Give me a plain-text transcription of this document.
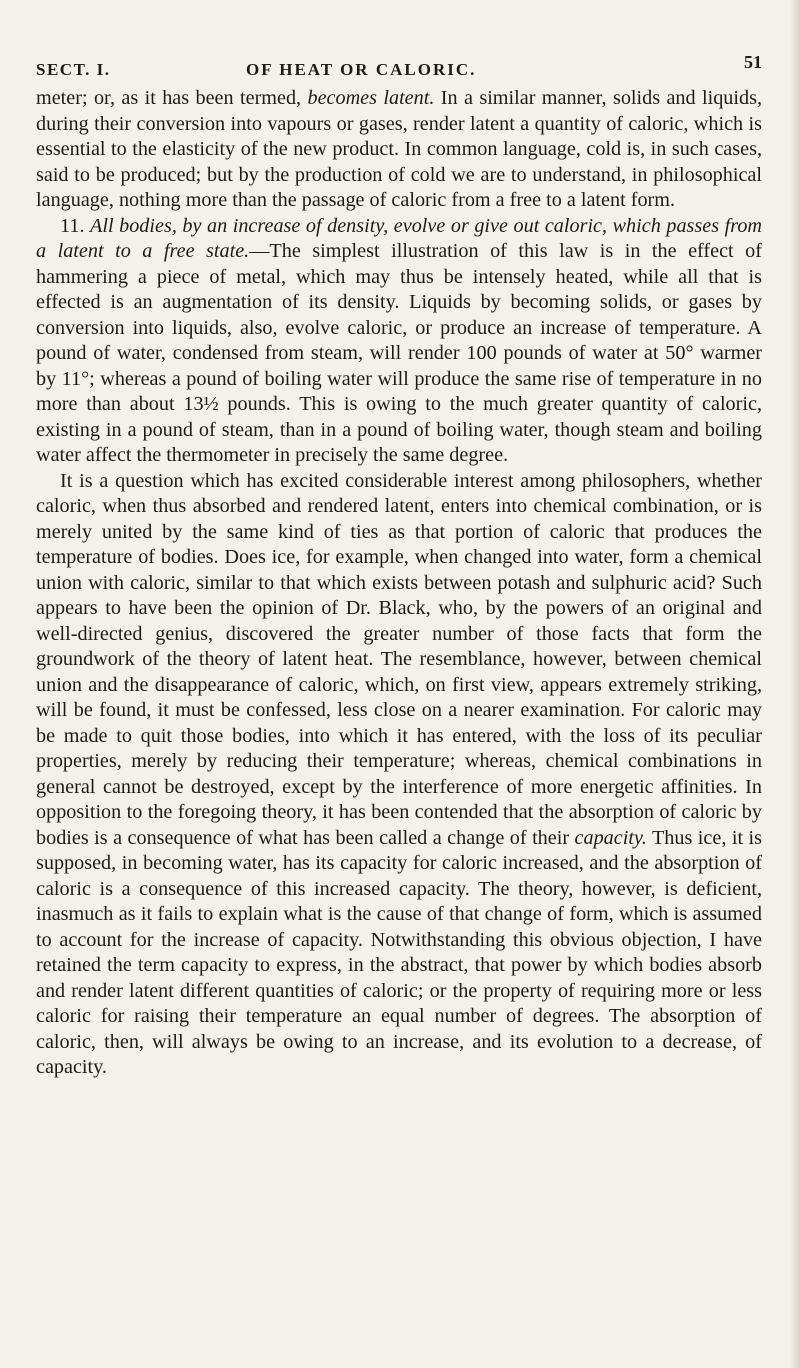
SECT. I.	OF HEAT OR CALORIC.	51

meter; or, as it has been termed, becomes latent. In a similar manner, solids and liquids, during their conversion into vapours or gases, render latent a quantity of caloric, which is essential to the elasticity of the new product. In common language, cold is, in such cases, said to be produced; but by the production of cold we are to understand, in philosophical language, nothing more than the passage of caloric from a free to a latent form.

11. All bodies, by an increase of density, evolve or give out caloric, which passes from a latent to a free state.—The simplest illustration of this law is in the effect of hammering a piece of metal, which may thus be intensely heated, while all that is effected is an augmentation of its density. Liquids by becoming solids, or gases by conversion into liquids, also, evolve caloric, or produce an increase of temperature. A pound of water, condensed from steam, will render 100 pounds of water at 50° warmer by 11°; whereas a pound of boiling water will produce the same rise of temperature in no more than about 13½ pounds. This is owing to the much greater quantity of caloric, existing in a pound of steam, than in a pound of boiling water, though steam and boiling water affect the thermometer in precisely the same degree.

It is a question which has excited considerable interest among philosophers, whether caloric, when thus absorbed and rendered latent, enters into chemical combination, or is merely united by the same kind of ties as that portion of caloric that produces the temperature of bodies. Does ice, for example, when changed into water, form a chemical union with caloric, similar to that which exists between potash and sulphuric acid? Such appears to have been the opinion of Dr. Black, who, by the powers of an original and well-directed genius, discovered the greater number of those facts that form the groundwork of the theory of latent heat. The resemblance, however, between chemical union and the disappearance of caloric, which, on first view, appears extremely striking, will be found, it must be confessed, less close on a nearer examination. For caloric may be made to quit those bodies, into which it has entered, with the loss of its peculiar properties, merely by reducing their temperature; whereas, chemical combinations in general cannot be destroyed, except by the interference of more energetic affinities. In opposition to the foregoing theory, it has been contended that the absorption of caloric by bodies is a consequence of what has been called a change of their capacity. Thus ice, it is supposed, in becoming water, has its capacity for caloric increased, and the absorption of caloric is a consequence of this increased capacity. The theory, however, is deficient, inasmuch as it fails to explain what is the cause of that change of form, which is assumed to account for the increase of capacity. Notwithstanding this obvious objection, I have retained the term capacity to express, in the abstract, that power by which bodies absorb and render latent different quantities of caloric; or the property of requiring more or less caloric for raising their temperature an equal number of degrees. The absorption of caloric, then, will always be owing to an increase, and its evolution to a decrease, of capacity.
